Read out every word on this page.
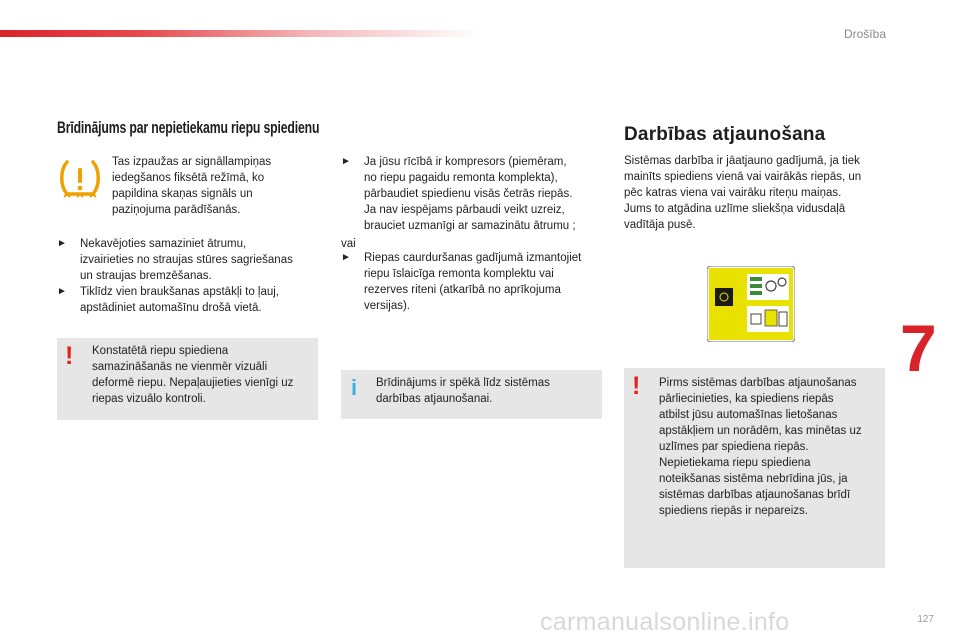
Drošība
Brīdinājums par nepietiekamu riepu spiedienu
Tas izpaužas ar signāllampiņas
iedegšanos fiksētā režīmā, ko
papildina skaņas signāls un
paziņojuma parādīšanās.
► Nekavējoties samaziniet ātrumu,
izvairieties no straujas stūres sagriešanas
un straujas bremzēšanas.
► Tiklīdz vien braukšanas apstākļi to ļauj,
apstādiniet automašīnu drošā vietā.
! Konstatētā riepu spiediena
samazināšanās ne vienmēr vizuāli
deformē riepu. Nepaļaujieties vienīgi uz
riepas vizuālo kontroli.
► Ja jūsu rīcībā ir kompresors (piemēram,
no riepu pagaidu remonta komplekta),
pārbaudiet spiedienu visās četrās riepās.
Ja nav iespējams pārbaudi veikt uzreiz,
brauciet uzmanīgi ar samazinātu ātrumu ;
vai
► Riepas caurduršanas gadījumā izmantojiet
riepu īslaicīga remonta komplektu vai
rezerves riteni (atkarībā no aprīkojuma
versijas).
i Brīdinājums ir spēkā līdz sistēmas
darbības atjaunošanai.
Darbības atjaunošana
Sistēmas darbība ir jāatjauno gadījumā, ja tiek
mainīts spiediens vienā vai vairākās riepās, un
pēc katras viena vai vairāku riteņu maiņas.
Jums to atgādina uzlīme sliekšņa vidusdaļā
vadītāja pusē.
! Pirms sistēmas darbības atjaunošanas
pārliecinieties, ka spiediens riepās
atbilst jūsu automašīnas lietošanas
apstākļiem un norādēm, kas minētas uz
uzlīmes par spiediena riepās.
Nepietiekama riepu spiediena
noteikšanas sistēma nebrīdina jūs, ja
sistēmas darbības atjaunošanas brīdī
spiediens riepās ir nepareizs.
7
carmanualsonline.info	127
